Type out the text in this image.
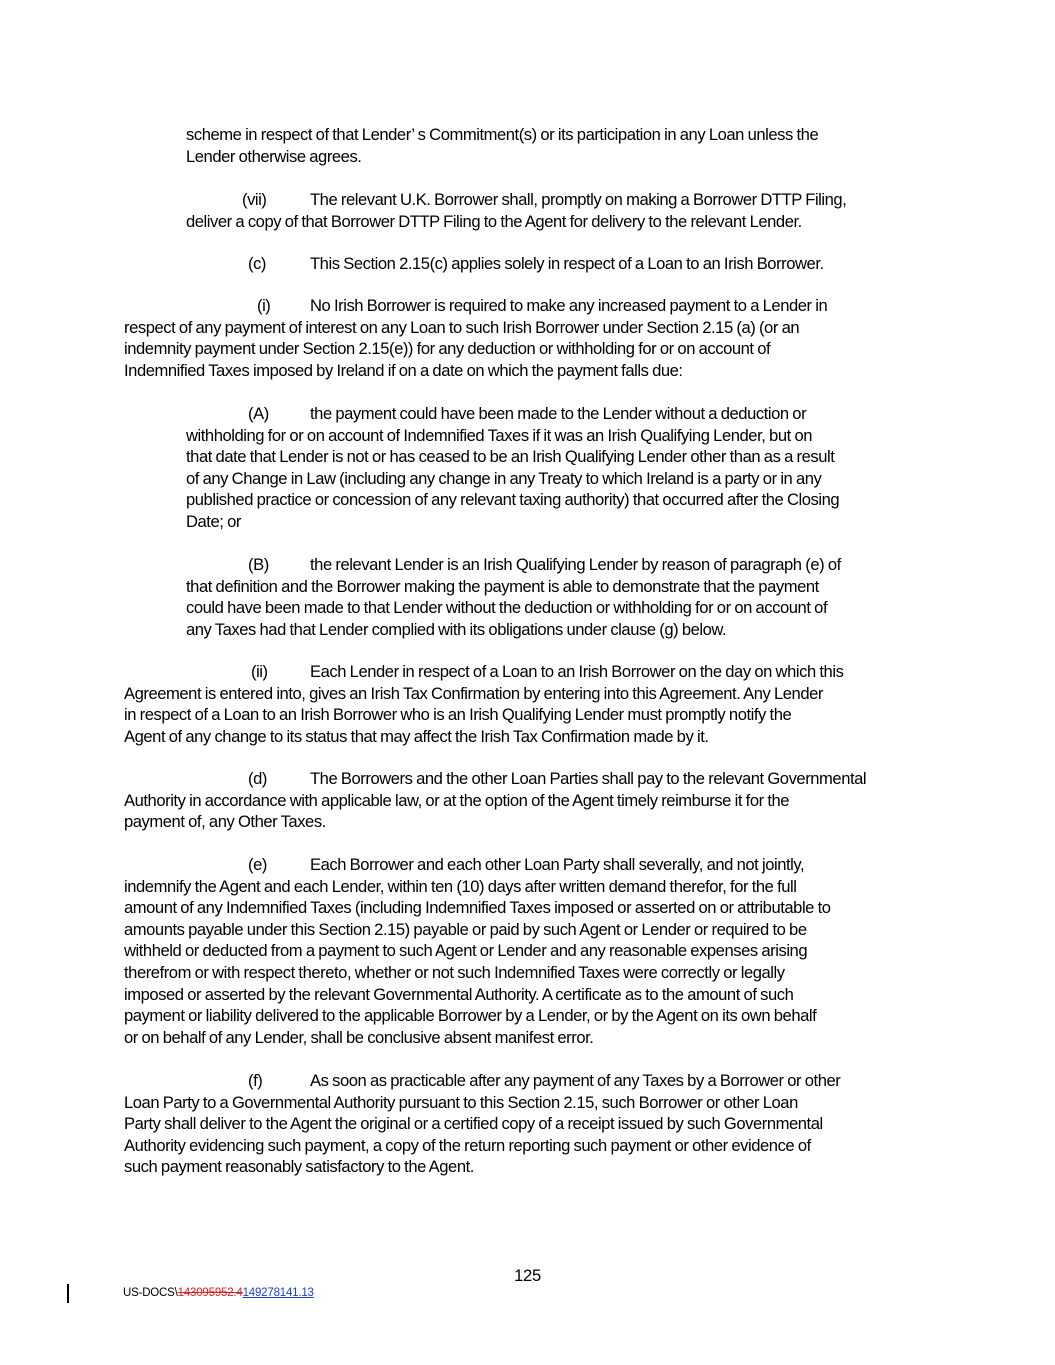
scheme in respect of that Lender’ s Commitment(s) or its participation in any Loan unless the
Lender otherwise agrees.
(vii)	The relevant U.K. Borrower shall, promptly on making a Borrower DTTP Filing,
deliver a copy of that Borrower DTTP Filing to the Agent for delivery to the relevant Lender.
(c)	This Section 2.15(c) applies solely in respect of a Loan to an Irish Borrower.
(i) No Irish Borrower is required to make any increased payment to a Lender in
respect of any payment of interest on any Loan to such Irish Borrower under Section 2.15 (a) (or an
indemnity payment under Section 2.15(e)) for any deduction or withholding for or on account of
Indemnified Taxes imposed by Ireland if on a date on which the payment falls due:
(A) the payment could have been made to the Lender without a deduction or
withholding for or on account of Indemnified Taxes if it was an Irish Qualifying Lender, but on
that date that Lender is not or has ceased to be an Irish Qualifying Lender other than as a result
of any Change in Law (including any change in any Treaty to which Ireland is a party or in any
published practice or concession of any relevant taxing authority) that occurred after the Closing
Date; or
(B) the relevant Lender is an Irish Qualifying Lender by reason of paragraph (e) of
that definition and the Borrower making the payment is able to demonstrate that the payment
could have been made to that Lender without the deduction or withholding for or on account of
any Taxes had that Lender complied with its obligations under clause (g) below.
(ii)	Each Lender in respect of a Loan to an Irish Borrower on the day on which this
Agreement is entered into, gives an Irish Tax Confirmation by entering into this Agreement. Any Lender
in respect of a Loan to an Irish Borrower who is an Irish Qualifying Lender must promptly notify the
Agent of any change to its status that may affect the Irish Tax Confirmation made by it.
(d)	The Borrowers and the other Loan Parties shall pay to the relevant Governmental
Authority in accordance with applicable law, or at the option of the Agent timely reimburse it for the
payment of, any Other Taxes.
(e)	Each Borrower and each other Loan Party shall severally, and not jointly,
indemnify the Agent and each Lender, within ten (10) days after written demand therefor, for the full
amount of any Indemnified Taxes (including Indemnified Taxes imposed or asserted on or attributable to
amounts payable under this Section 2.15) payable or paid by such Agent or Lender or required to be
withheld or deducted from a payment to such Agent or Lender and any reasonable expenses arising
therefrom or with respect thereto, whether or not such Indemnified Taxes were correctly or legally
imposed or asserted by the relevant Governmental Authority. A certificate as to the amount of such
payment or liability delivered to the applicable Borrower by a Lender, or by the Agent on its own behalf
or on behalf of any Lender, shall be conclusive absent manifest error.
(f)	As soon as practicable after any payment of any Taxes by a Borrower or other
Loan Party to a Governmental Authority pursuant to this Section 2.15, such Borrower or other Loan
Party shall deliver to the Agent the original or a certified copy of a receipt issued by such Governmental
Authority evidencing such payment, a copy of the return reporting such payment or other evidence of
such payment reasonably satisfactory to the Agent.
125
US-DOCS\143095952.4149278141.13
